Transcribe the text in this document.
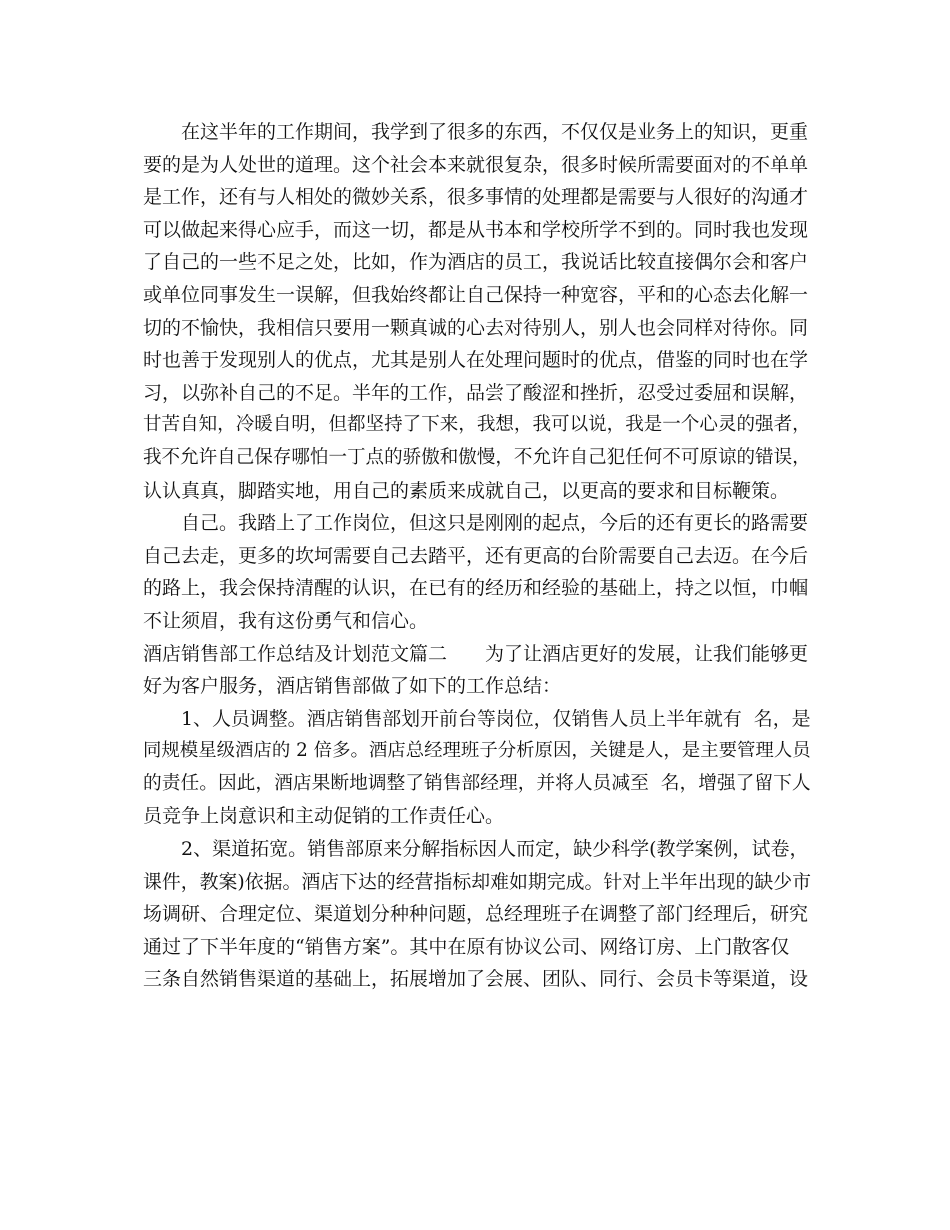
在这半年的工作期间，我学到了很多的东西，不仅仅是业务上的知识，更重
要的是为人处世的道理。这个社会本来就很复杂，很多时候所需要面对的不单单
是工作，还有与人相处的微妙关系，很多事情的处理都是需要与人很好的沟通才
可以做起来得心应手，而这一切，都是从书本和学校所学不到的。同时我也发现
了自己的一些不足之处，比如，作为酒店的员工，我说话比较直接偶尔会和客户
或单位同事发生一误解，但我始终都让自己保持一种宽容，平和的心态去化解一
切的不愉快，我相信只要用一颗真诚的心去对待别人，别人也会同样对待你。同
时也善于发现别人的优点，尤其是别人在处理问题时的优点，借鉴的同时也在学
习，以弥补自己的不足。半年的工作，品尝了酸涩和挫折，忍受过委屈和误解，
甘苦自知，冷暖自明，但都坚持了下来，我想，我可以说，我是一个心灵的强者，
我不允许自己保存哪怕一丁点的骄傲和傲慢，不允许自己犯任何不可原谅的错误，
认认真真，脚踏实地，用自己的素质来成就自己，以更高的要求和目标鞭策。
自己。我踏上了工作岗位，但这只是刚刚的起点，今后的还有更长的路需要
自己去走，更多的坎坷需要自己去踏平，还有更高的台阶需要自己去迈。在今后
的路上，我会保持清醒的认识，在已有的经历和经验的基础上，持之以恒，巾帼
不让须眉，我有这份勇气和信心。
酒店销售部工作总结及计划范文篇二　　为了让酒店更好的发展，让我们能够更
好为客户服务，酒店销售部做了如下的工作总结：
1、人员调整。酒店销售部划开前台等岗位，仅销售人员上半年就有  名，是
同规模星级酒店的 2 倍多。酒店总经理班子分析原因，关键是人，是主要管理人员
的责任。因此，酒店果断地调整了销售部经理，并将人员减至  名，增强了留下人
员竞争上岗意识和主动促销的工作责任心。
2、渠道拓宽。销售部原来分解指标因人而定，缺少科学(教学案例，试卷，
课件，教案)依据。酒店下达的经营指标却难如期完成。针对上半年出现的缺少市
场调研、合理定位、渠道划分种种问题，总经理班子在调整了部门经理后，研究
通过了下半年度的“销售方案”。其中在原有协议公司、网络订房、上门散客仅
三条自然销售渠道的基础上，拓展增加了会展、团队、同行、会员卡等渠道，设
